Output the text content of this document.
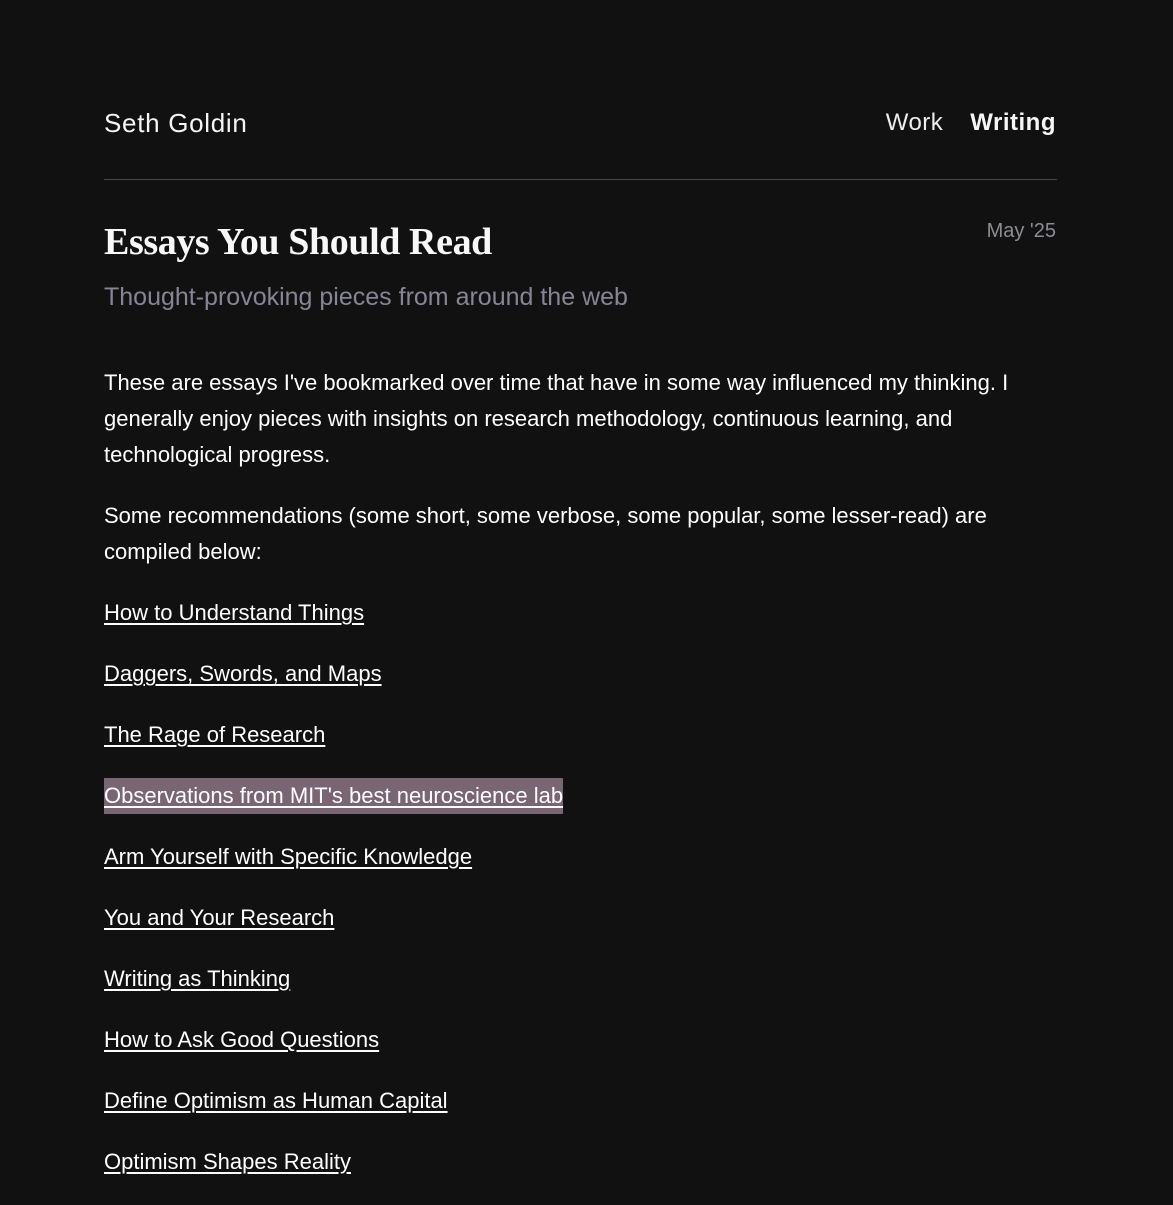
Seth Goldin	Work Writing
Essays You Should Read	May '25

Thought-provoking pieces from around the web

These are essays I've bookmarked over time that have in some way influenced my thinking. I generally enjoy pieces with insights on research methodology, continuous learning, and technological progress.

Some recommendations (some short, some verbose, some popular, some lesser-read) are compiled below:

How to Understand Things
Daggers, Swords, and Maps
The Rage of Research
Observations from MIT's best neuroscience lab
Arm Yourself with Specific Knowledge
You and Your Research
Writing as Thinking
How to Ask Good Questions
Define Optimism as Human Capital
Optimism Shapes Reality
